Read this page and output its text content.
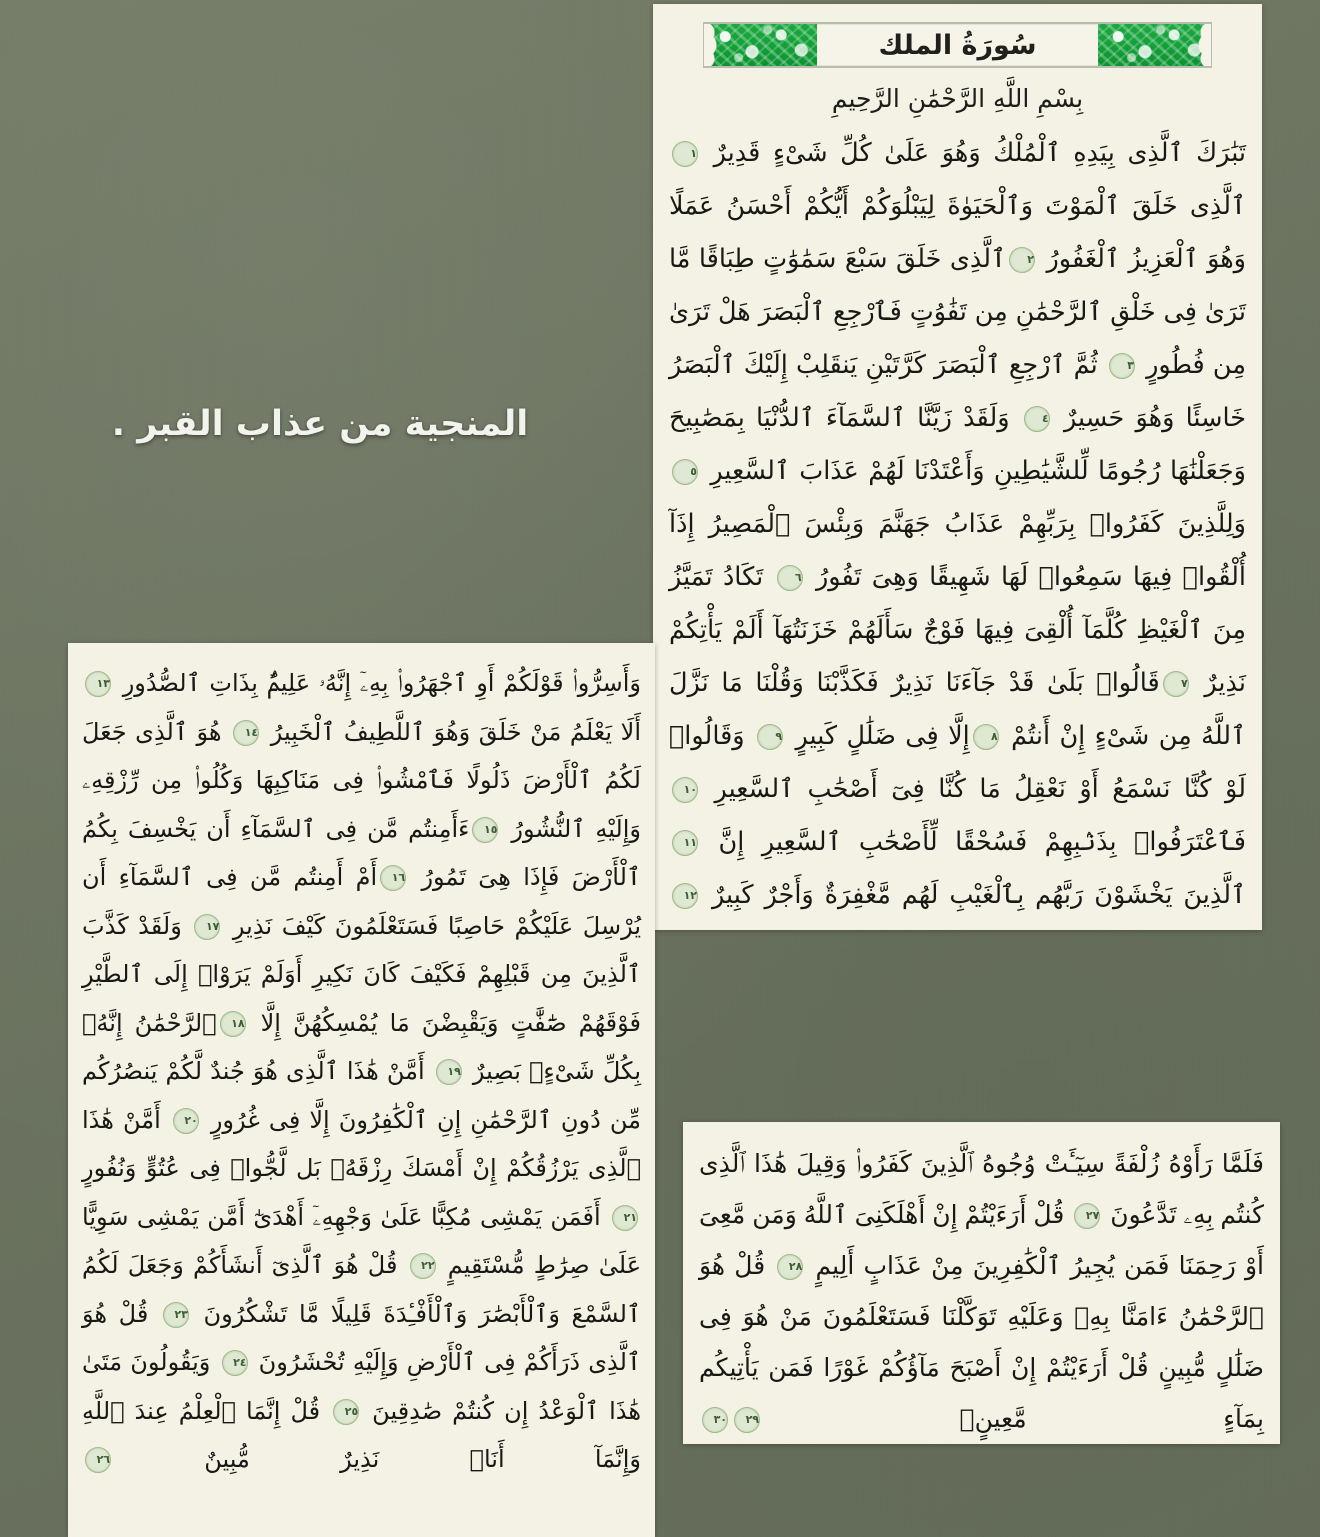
سُورَةُ الملك
بِسْمِ اللَّهِ الرَّحْمَٰنِ الرَّحِيمِ
تَبَٰرَكَ ٱلَّذِى بِيَدِهِ ٱلْمُلْكُ وَهُوَ عَلَىٰ كُلِّ شَىْءٍ قَدِيرٌ ١ ٱلَّذِى خَلَقَ ٱلْمَوْتَ وَٱلْحَيَوٰةَ لِيَبْلُوَكُمْ أَيُّكُمْ أَحْسَنُ عَمَلًا وَهُوَ ٱلْعَزِيزُ ٱلْغَفُورُ ٢ٱلَّذِى خَلَقَ سَبْعَ سَمَٰوَٰتٍ طِبَاقًا مَّا تَرَىٰ فِى خَلْقِ ٱلرَّحْمَٰنِ مِن تَفَٰوُتٍ فَٱرْجِعِ ٱلْبَصَرَ هَلْ تَرَىٰ مِن فُطُورٍ ٣ ثُمَّ ٱرْجِعِ ٱلْبَصَرَ كَرَّتَيْنِ يَنقَلِبْ إِلَيْكَ ٱلْبَصَرُ خَاسِئًا وَهُوَ حَسِيرٌ ٤ وَلَقَدْ زَيَّنَّا ٱلسَّمَآءَ ٱلدُّنْيَا بِمَصَٰبِيحَ وَجَعَلْنَٰهَا رُجُومًا لِّلشَّيَٰطِينِ وَأَعْتَدْنَا لَهُمْ عَذَابَ ٱلسَّعِيرِ ٥ وَلِلَّذِينَ كَفَرُوا۟ بِرَبِّهِمْ عَذَابُ جَهَنَّمَ وَبِئْسَ ٱلْمَصِيرُ إِذَآ أُلْقُوا۟ فِيهَا سَمِعُوا۟ لَهَا شَهِيقًا وَهِىَ تَفُورُ ٦ تَكَادُ تَمَيَّزُ مِنَ ٱلْغَيْظِ كُلَّمَآ أُلْقِىَ فِيهَا فَوْجٌ سَأَلَهُمْ خَزَنَتُهَآ أَلَمْ يَأْتِكُمْ نَذِيرٌ ٧قَالُوا۟ بَلَىٰ قَدْ جَآءَنَا نَذِيرٌ فَكَذَّبْنَا وَقُلْنَا مَا نَزَّلَ ٱللَّهُ مِن شَىْءٍ إِنْ أَنتُمْ ٨إِلَّا فِى ضَلَٰلٍ كَبِيرٍ ٩ وَقَالُوا۟ لَوْ كُنَّا نَسْمَعُ أَوْ نَعْقِلُ مَا كُنَّا فِىٓ أَصْحَٰبِ ٱلسَّعِيرِ ١٠ فَٱعْتَرَفُوا۟ بِذَنۢبِهِمْ فَسُحْقًا لِّأَصْحَٰبِ ٱلسَّعِيرِ إِنَّ ١١ٱلَّذِينَ يَخْشَوْنَ رَبَّهُم بِٱلْغَيْبِ لَهُم مَّغْفِرَةٌ وَأَجْرٌ كَبِيرٌ ١٢
وَأَسِرُّوا۟ قَوْلَكُمْ أَوِ ٱجْهَرُوا۟ بِهِۦٓ إِنَّهُۥ عَلِيمٌۢ بِذَاتِ ٱلصُّدُورِ ١٣ أَلَا يَعْلَمُ مَنْ خَلَقَ وَهُوَ ٱللَّطِيفُ ٱلْخَبِيرُ ١٤ هُوَ ٱلَّذِى جَعَلَ لَكُمُ ٱلْأَرْضَ ذَلُولًا فَٱمْشُوا۟ فِى مَنَاكِبِهَا وَكُلُوا۟ مِن رِّزْقِهِۦ وَإِلَيْهِ ٱلنُّشُورُ ١٥ءَأَمِنتُم مَّن فِى ٱلسَّمَآءِ أَن يَخْسِفَ بِكُمُ ٱلْأَرْضَ فَإِذَا هِىَ تَمُورُ ١٦أَمْ أَمِنتُم مَّن فِى ٱلسَّمَآءِ أَن يُرْسِلَ عَلَيْكُمْ حَاصِبًا فَسَتَعْلَمُونَ كَيْفَ نَذِيرِ ١٧ وَلَقَدْ كَذَّبَ ٱلَّذِينَ مِن قَبْلِهِمْ فَكَيْفَ كَانَ نَكِيرِ أَوَلَمْ يَرَوْا۟ إِلَى ٱلطَّيْرِ فَوْقَهُمْ صَٰٓفَّٰتٍ وَيَقْبِضْنَ مَا يُمْسِكُهُنَّ إِلَّا ١٨ٱلرَّحْمَٰنُ إِنَّهُۥ بِكُلِّ شَىْءٍۭ بَصِيرٌ ١٩ أَمَّنْ هَٰذَا ٱلَّذِى هُوَ جُندٌ لَّكُمْ يَنصُرُكُم مِّن دُونِ ٱلرَّحْمَٰنِ إِنِ ٱلْكَٰفِرُونَ إِلَّا فِى غُرُورٍ ٢٠ أَمَّنْ هَٰذَا ٱلَّذِى يَرْزُقُكُمْ إِنْ أَمْسَكَ رِزْقَهُۥ بَل لَّجُّوا۟ فِى عُتُوٍّ وَنُفُورٍ ٢١ أَفَمَن يَمْشِى مُكِبًّا عَلَىٰ وَجْهِهِۦٓ أَهْدَىٰٓ أَمَّن يَمْشِى سَوِيًّا عَلَىٰ صِرَٰطٍ مُّسْتَقِيمٍ ٢٢ قُلْ هُوَ ٱلَّذِىٓ أَنشَأَكُمْ وَجَعَلَ لَكُمُ ٱلسَّمْعَ وَٱلْأَبْصَٰرَ وَٱلْأَفْـِٔدَةَ قَلِيلًا مَّا تَشْكُرُونَ ٢٣ قُلْ هُوَ ٱلَّذِى ذَرَأَكُمْ فِى ٱلْأَرْضِ وَإِلَيْهِ تُحْشَرُونَ ٢٤ وَيَقُولُونَ مَتَىٰ هَٰذَا ٱلْوَعْدُ إِن كُنتُمْ صَٰدِقِينَ ٢٥ قُلْ إِنَّمَا ٱلْعِلْمُ عِندَ ٱللَّهِ وَإِنَّمَآ أَنَا۠ نَذِيرٌ مُّبِينٌ ٢٦
فَلَمَّا رَأَوْهُ زُلْفَةً سِيٓـَٔتْ وُجُوهُ ٱلَّذِينَ كَفَرُوا۟ وَقِيلَ هَٰذَا ٱلَّذِى كُنتُم بِهِۦ تَدَّعُونَ ٢٧ قُلْ أَرَءَيْتُمْ إِنْ أَهْلَكَنِىَ ٱللَّهُ وَمَن مَّعِىَ أَوْ رَحِمَنَا فَمَن يُجِيرُ ٱلْكَٰفِرِينَ مِنْ عَذَابٍ أَلِيمٍ ٢٨ قُلْ هُوَ ٱلرَّحْمَٰنُ ءَامَنَّا بِهِۦ وَعَلَيْهِ تَوَكَّلْنَا فَسَتَعْلَمُونَ مَنْ هُوَ فِى ضَلَٰلٍ مُّبِينٍ قُلْ أَرَءَيْتُمْ إِنْ أَصْبَحَ مَآؤُكُمْ غَوْرًا فَمَن يَأْتِيكُم بِمَآءٍ مَّعِينٍۭ ٢٩٣٠
المنجية من عذاب القبر .
